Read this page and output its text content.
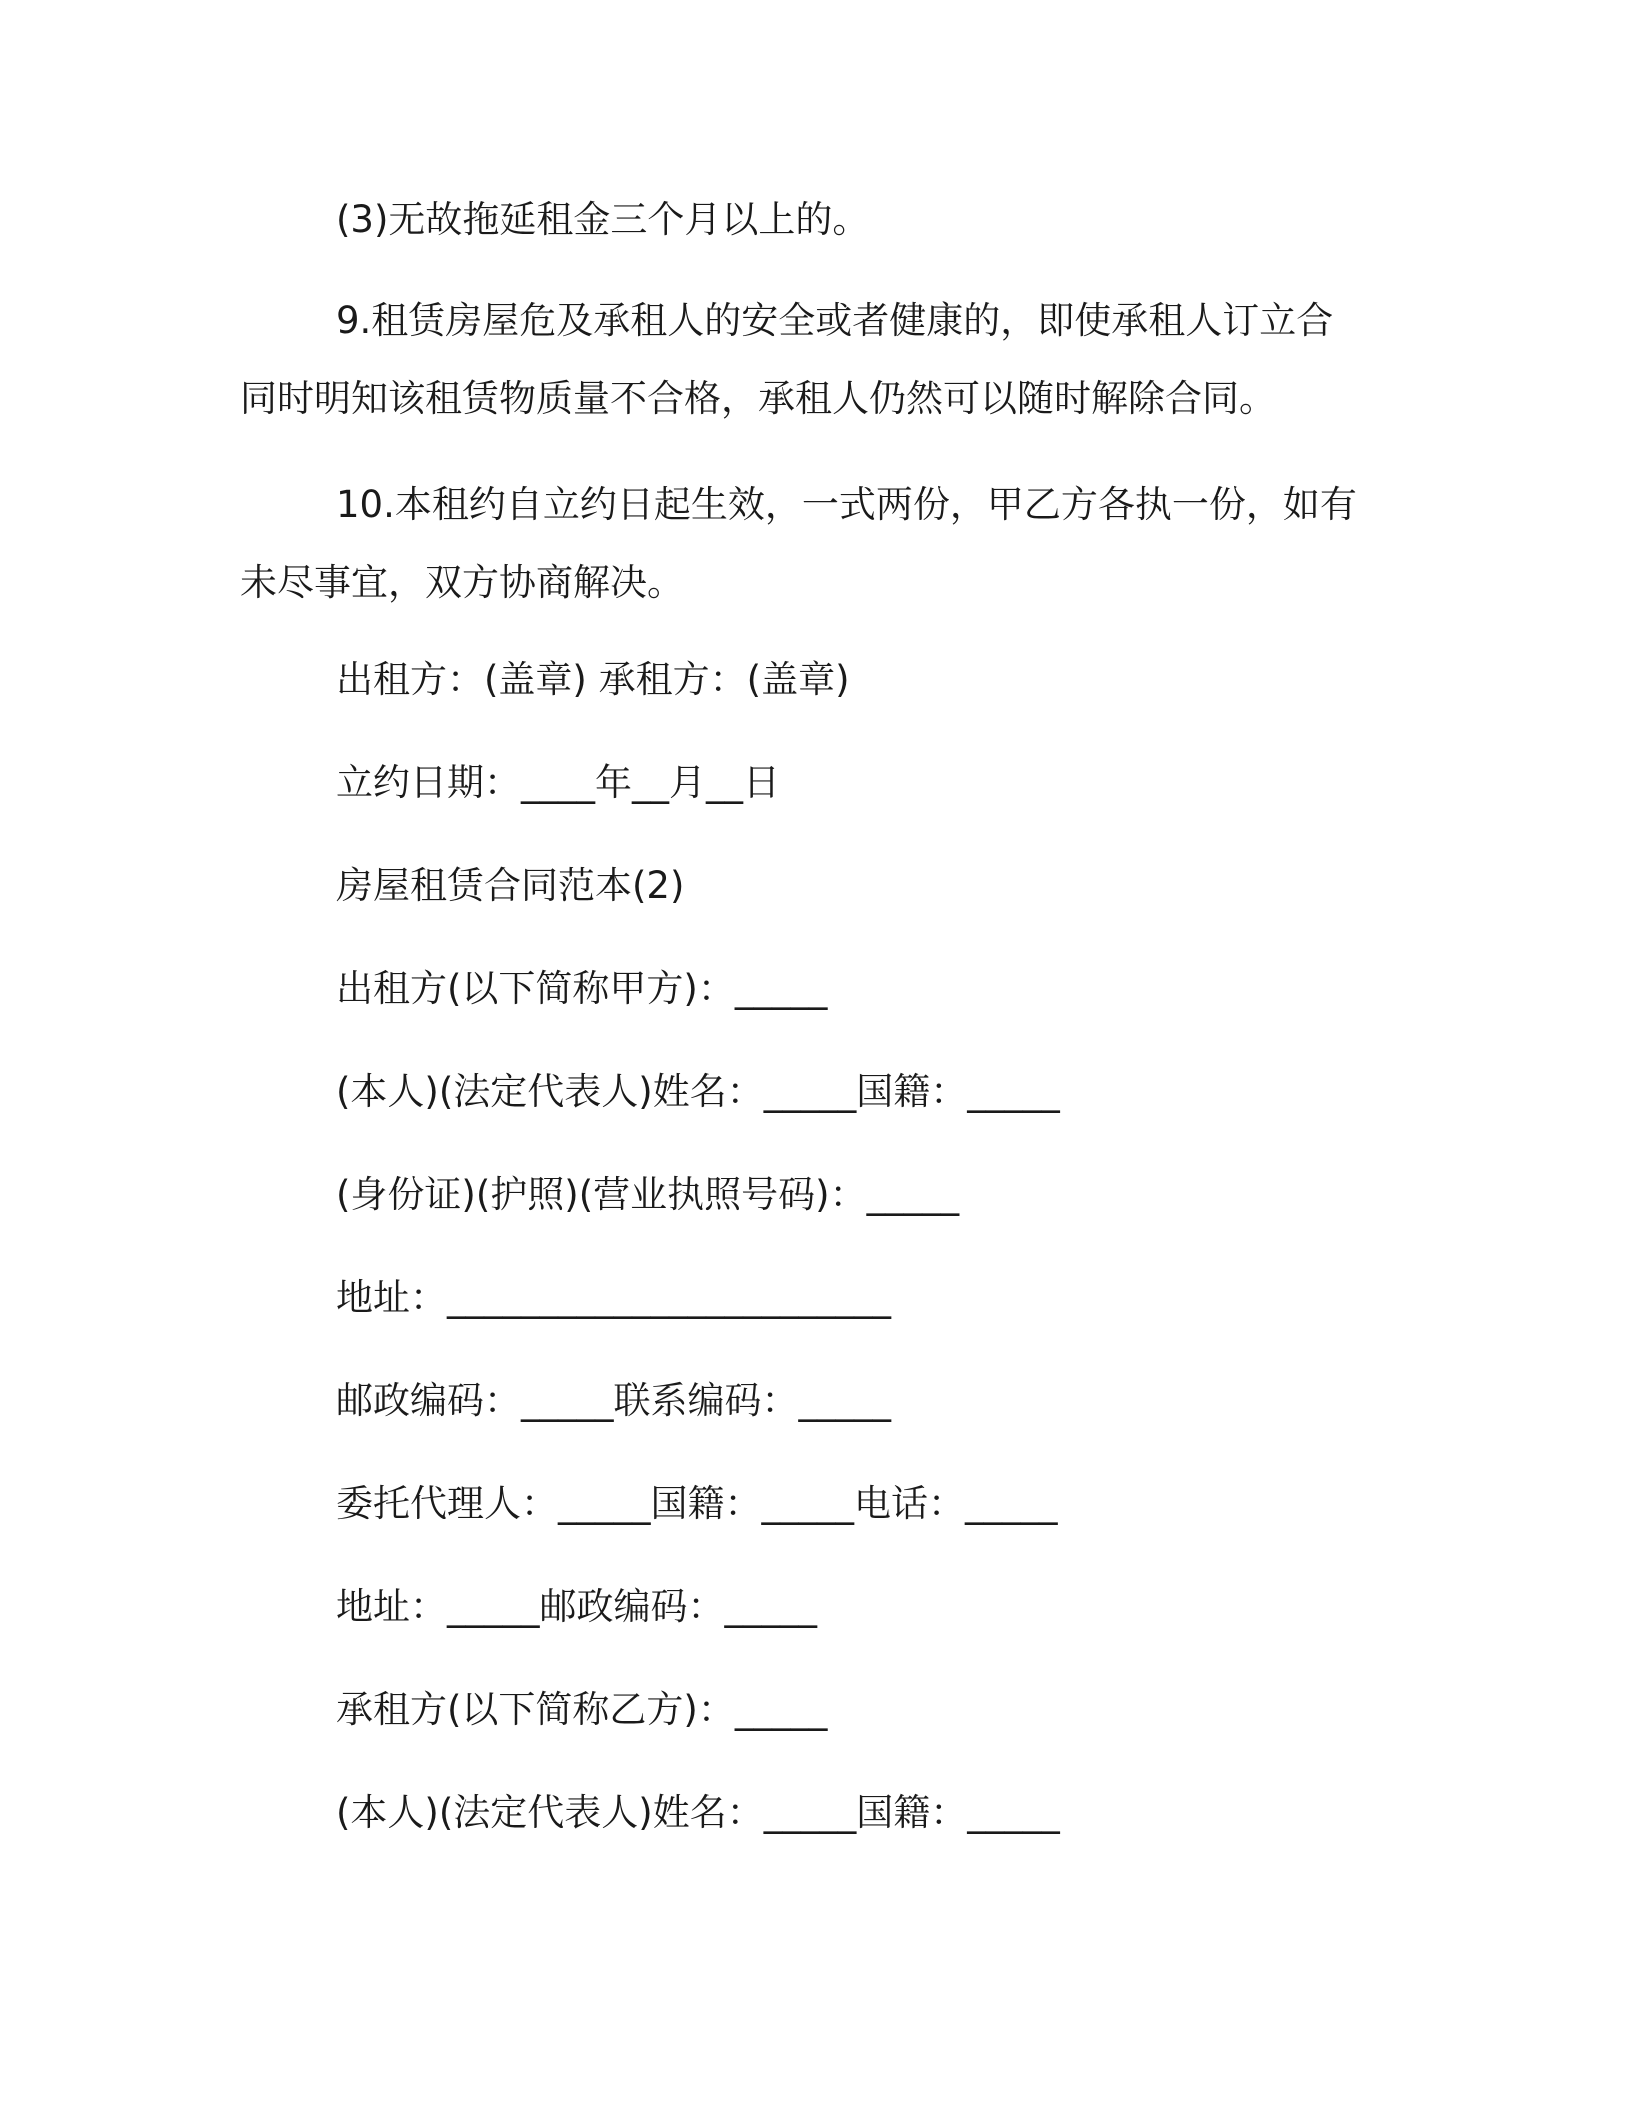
(3)无故拖延租金三个月以上的。

9.租赁房屋危及承租人的安全或者健康的，即使承租人订立合同时明知该租赁物质量不合格，承租人仍然可以随时解除合同。

10.本租约自立约日起生效，一式两份，甲乙方各执一份，如有未尽事宜，双方协商解决。

出租方：(盖章) 承租方：(盖章)

立约日期：____年__月__日

房屋租赁合同范本(2)

出租方(以下简称甲方)：_____

(本人)(法定代表人)姓名：_____国籍：_____

(身份证)(护照)(营业执照号码)：_____

地址：________________________

邮政编码：_____联系编码：_____

委托代理人：_____国籍：_____电话：_____

地址：_____邮政编码：_____

承租方(以下简称乙方)：_____

(本人)(法定代表人)姓名：_____国籍：_____
